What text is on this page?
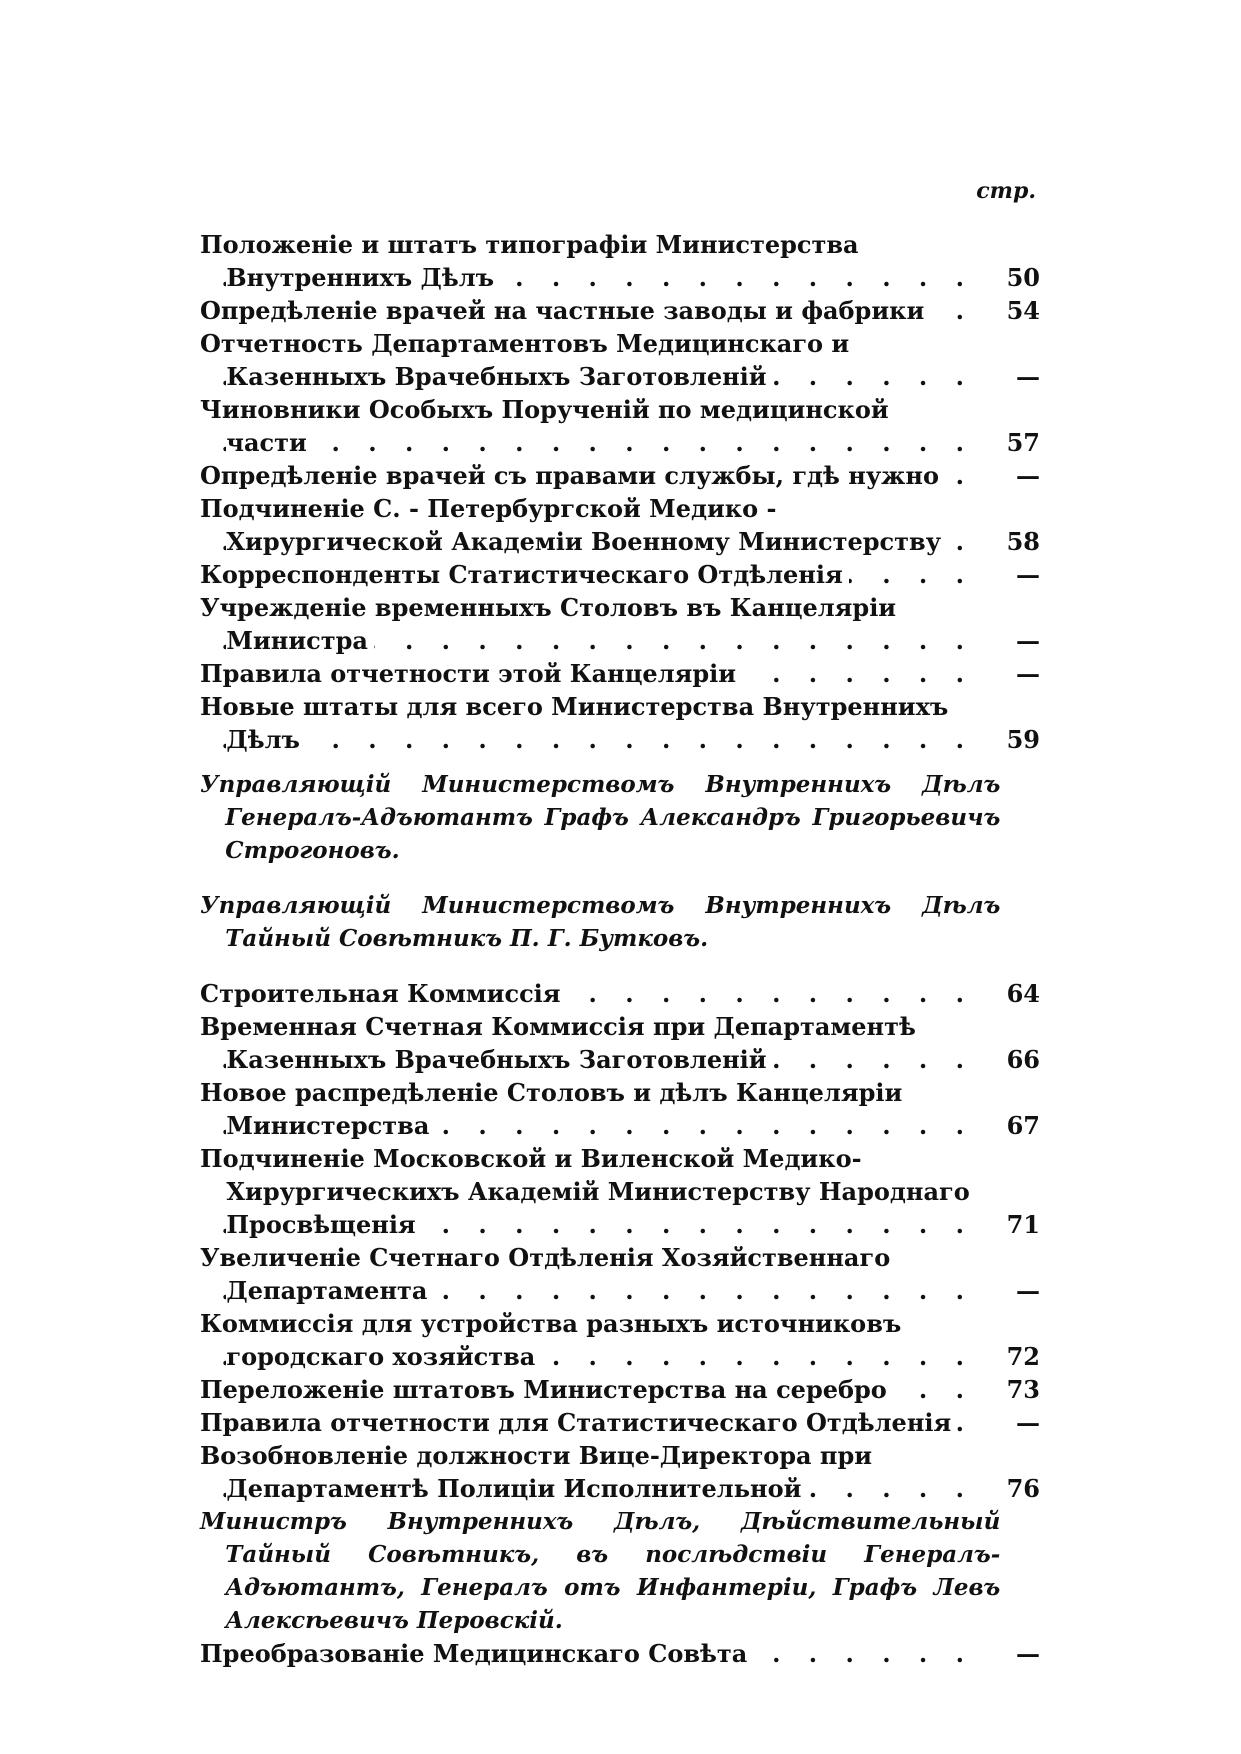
стр.
Положеніе и штатъ типографіи Министерства Внутреннихъ Дѣлъ . . .	50
Опредѣленіе врачей на частные заводы и фабрики . . .	54
Отчетность Департаментовъ Медицинскаго и Казенныхъ Врачебныхъ Заготовленій . . .	—
Чиновники Особыхъ Порученій по медицинской части . . .	57
Опредѣленіе врачей съ правами службы, гдѣ нужно . . .	—
Подчиненіе С. - Петербургской Медико - Хирургической Академіи Военному Министерству . . .	58
Корреспонденты Статистическаго Отдѣленія . . .	—
Учрежденіе временныхъ Столовъ въ Канцеляріи Министра . . .	—
Правила отчетности этой Канцеляріи . . .	—
Новые штаты для всего Министерства Внутреннихъ Дѣлъ . . .	59
Управляющій Министерствомъ Внутреннихъ Дѣлъ Генералъ-Адъютантъ Графъ Александръ Григорьевичъ Строгоновъ.
Управляющій Министерствомъ Внутреннихъ Дѣлъ Тайный Совѣтникъ П. Г. Бутковъ.
Строительная Коммиссія . . .	64
Временная Счетная Коммиссія при Департаментѣ Казенныхъ Врачебныхъ Заготовленій . . .	66
Новое распредѣленіе Столовъ и дѣлъ Канцеляріи Министерства . . .	67
Подчиненіе Московской и Виленской Медико-Хирургическихъ Академій Министерству Народнаго Просвѣщенія . . .	71
Увеличеніе Счетнаго Отдѣленія Хозяйственнаго Департамента . . .	—
Коммиссія для устройства разныхъ источниковъ городскаго хозяйства . . .	72
Переложеніе штатовъ Министерства на серебро . . .	73
Правила отчетности для Статистическаго Отдѣленія . . .	—
Возобновленіе должности Вице-Директора при Департаментѣ Полиціи Исполнительной . . .	76
Министръ Внутреннихъ Дѣлъ, Дѣйствительный Тайный Совѣтникъ, въ послѣдствіи Генералъ-Адъютантъ, Генералъ отъ Инфантеріи, Графъ Левъ Алексѣевичъ Перовскій.
Преобразованіе Медицинскаго Совѣта . . .	—
